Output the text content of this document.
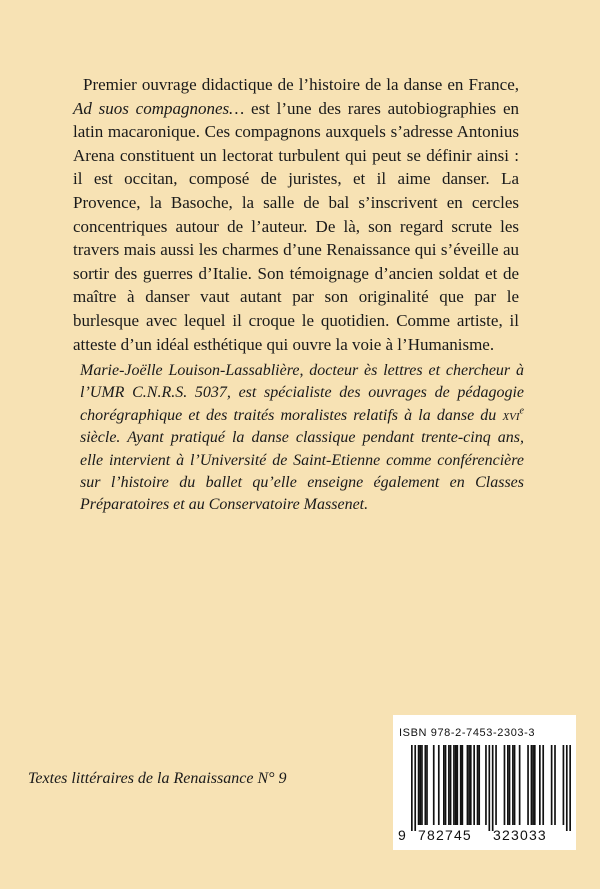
Premier ouvrage didactique de l’histoire de la danse en France, Ad suos compagnones… est l’une des rares autobiographies en latin macaronique. Ces compagnons auxquels s’adresse Antonius Arena constituent un lectorat turbulent qui peut se définir ainsi : il est occitan, composé de juristes, et il aime danser. La Provence, la Basoche, la salle de bal s’inscrivent en cercles concentriques autour de l’auteur. De là, son regard scrute les travers mais aussi les charmes d’une Renaissance qui s’éveille au sortir des guerres d’Italie. Son témoignage d’ancien soldat et de maître à danser vaut autant par son originalité que par le burlesque avec lequel il croque le quotidien. Comme artiste, il atteste d’un idéal esthétique qui ouvre la voie à l’Humanisme.

Marie-Joëlle Louison-Lassablière, docteur ès lettres et chercheur à l’UMR C.N.R.S. 5037, est spécialiste des ouvrages de pédagogie chorégraphique et des traités moralistes relatifs à la danse du xvi$^e$ siècle. Ayant pratiqué la danse classique pendant trente-cinq ans, elle intervient à l’Université de Saint-Etienne comme conférencière sur l’histoire du ballet qu’elle enseigne également en Classes Préparatoires et au Conservatoire Massenet.

Textes littéraires de la Renaissance N° 9
ISBN 978-2-7453-2303-3
9 782745 323033
